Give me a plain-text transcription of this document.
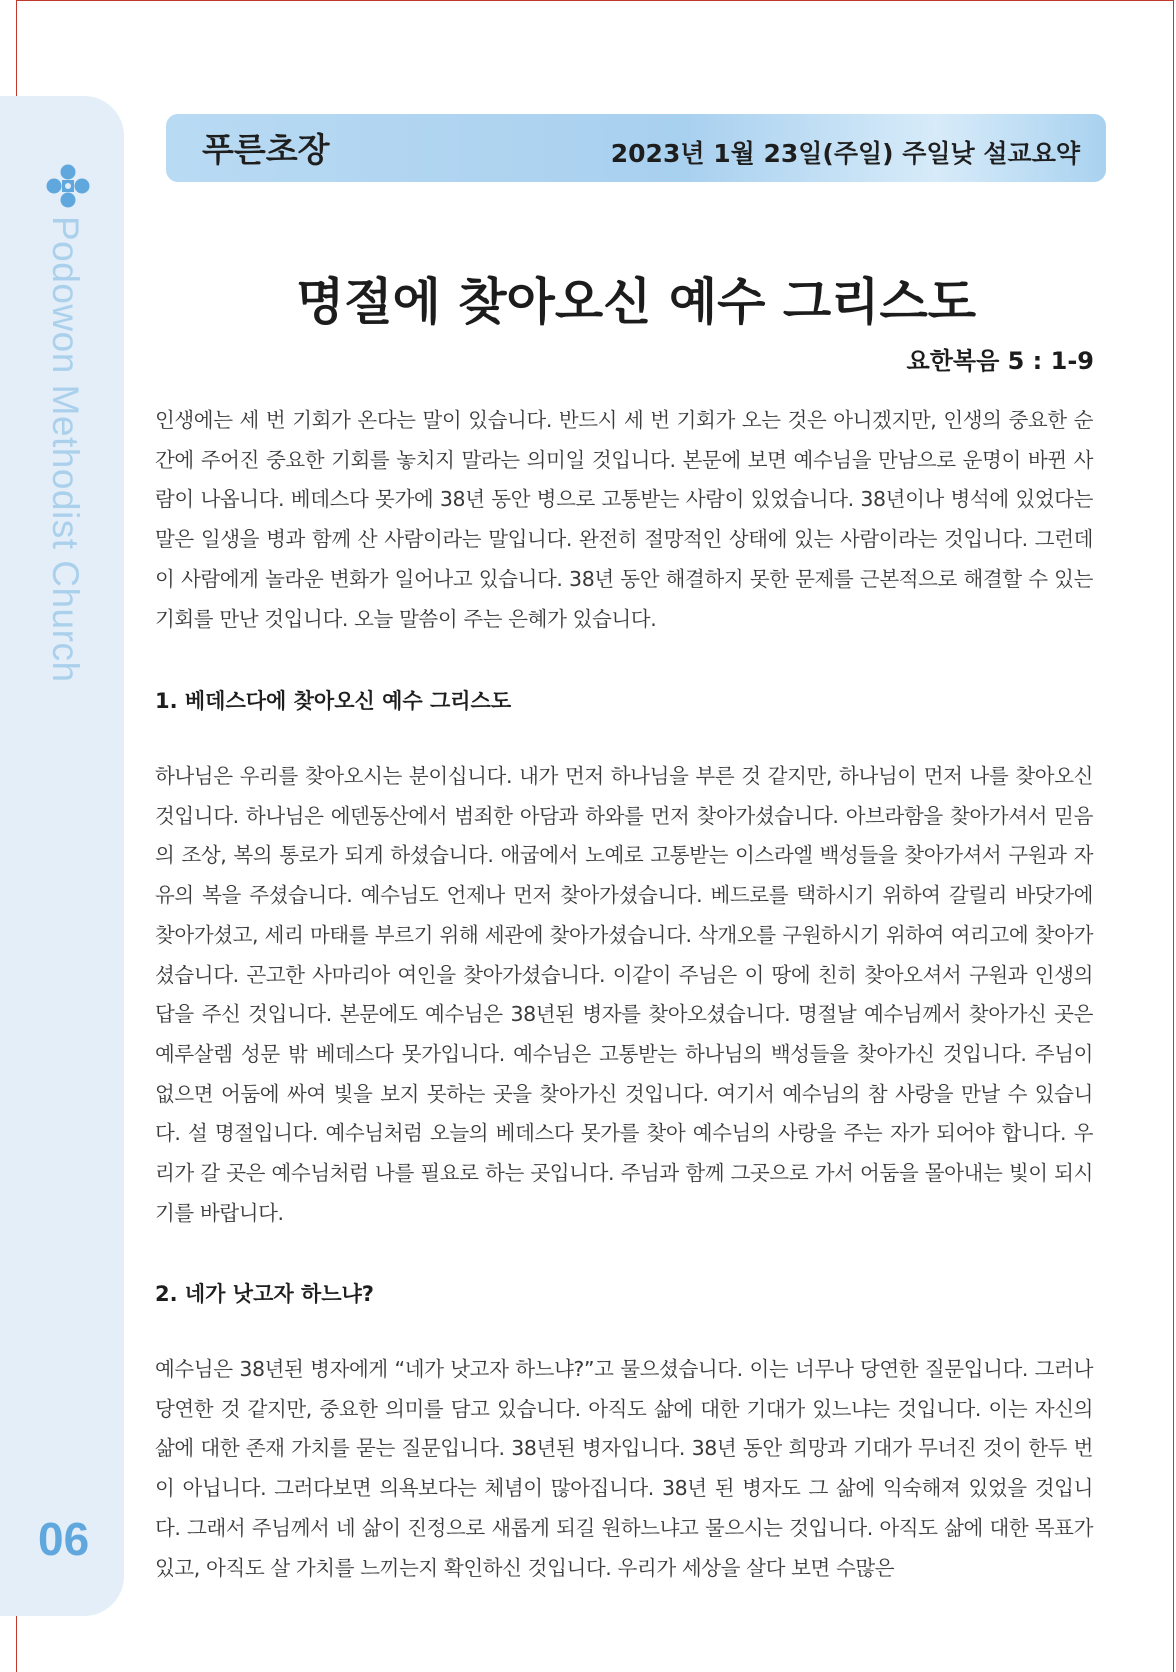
Podowon Methodist Church
06
푸른초장	2023년 1월 23일(주일) 주일낮 설교요약
명절에 찾아오신 예수 그리스도
요한복음 5 : 1-9

인생에는 세 번 기회가 온다는 말이 있습니다. 반드시 세 번 기회가 오는 것은 아니겠지만, 인생의 중요한 순간에 주어진 중요한 기회를 놓치지 말라는 의미일 것입니다. 본문에 보면 예수님을 만남으로 운명이 바뀐 사람이 나옵니다. 베데스다 못가에 38년 동안 병으로 고통받는 사람이 있었습니다. 38년이나 병석에 있었다는 말은 일생을 병과 함께 산 사람이라는 말입니다. 완전히 절망적인 상태에 있는 사람이라는 것입니다. 그런데 이 사람에게 놀라운 변화가 일어나고 있습니다. 38년 동안 해결하지 못한 문제를 근본적으로 해결할 수 있는 기회를 만난 것입니다. 오늘 말씀이 주는 은혜가 있습니다.

1. 베데스다에 찾아오신 예수 그리스도

하나님은 우리를 찾아오시는 분이십니다. 내가 먼저 하나님을 부른 것 같지만, 하나님이 먼저 나를 찾아오신 것입니다. 하나님은 에덴동산에서 범죄한 아담과 하와를 먼저 찾아가셨습니다. 아브라함을 찾아가셔서 믿음의 조상, 복의 통로가 되게 하셨습니다. 애굽에서 노예로 고통받는 이스라엘 백성들을 찾아가셔서 구원과 자유의 복을 주셨습니다. 예수님도 언제나 먼저 찾아가셨습니다. 베드로를 택하시기 위하여 갈릴리 바닷가에 찾아가셨고, 세리 마태를 부르기 위해 세관에 찾아가셨습니다. 삭개오를 구원하시기 위하여 여리고에 찾아가셨습니다. 곤고한 사마리아 여인을 찾아가셨습니다. 이같이 주님은 이 땅에 친히 찾아오셔서 구원과 인생의 답을 주신 것입니다. 본문에도 예수님은 38년된 병자를 찾아오셨습니다. 명절날 예수님께서 찾아가신 곳은 예루살렘 성문 밖 베데스다 못가입니다. 예수님은 고통받는 하나님의 백성들을 찾아가신 것입니다. 주님이 없으면 어둠에 싸여 빛을 보지 못하는 곳을 찾아가신 것입니다. 여기서 예수님의 참 사랑을 만날 수 있습니다. 설 명절입니다. 예수님처럼 오늘의 베데스다 못가를 찾아 예수님의 사랑을 주는 자가 되어야 합니다. 우리가 갈 곳은 예수님처럼 나를 필요로 하는 곳입니다. 주님과 함께 그곳으로 가서 어둠을 몰아내는 빛이 되시기를 바랍니다.

2. 네가 낫고자 하느냐?

예수님은 38년된 병자에게 “네가 낫고자 하느냐?”고 물으셨습니다. 이는 너무나 당연한 질문입니다. 그러나 당연한 것 같지만, 중요한 의미를 담고 있습니다. 아직도 삶에 대한 기대가 있느냐는 것입니다. 이는 자신의 삶에 대한 존재 가치를 묻는 질문입니다. 38년된 병자입니다. 38년 동안 희망과 기대가 무너진 것이 한두 번이 아닙니다. 그러다보면 의욕보다는 체념이 많아집니다. 38년 된 병자도 그 삶에 익숙해져 있었을 것입니다. 그래서 주님께서 네 삶이 진정으로 새롭게 되길 원하느냐고 물으시는 것입니다. 아직도 삶에 대한 목표가 있고, 아직도 살 가치를 느끼는지 확인하신 것입니다. 우리가 세상을 살다 보면 수많은
